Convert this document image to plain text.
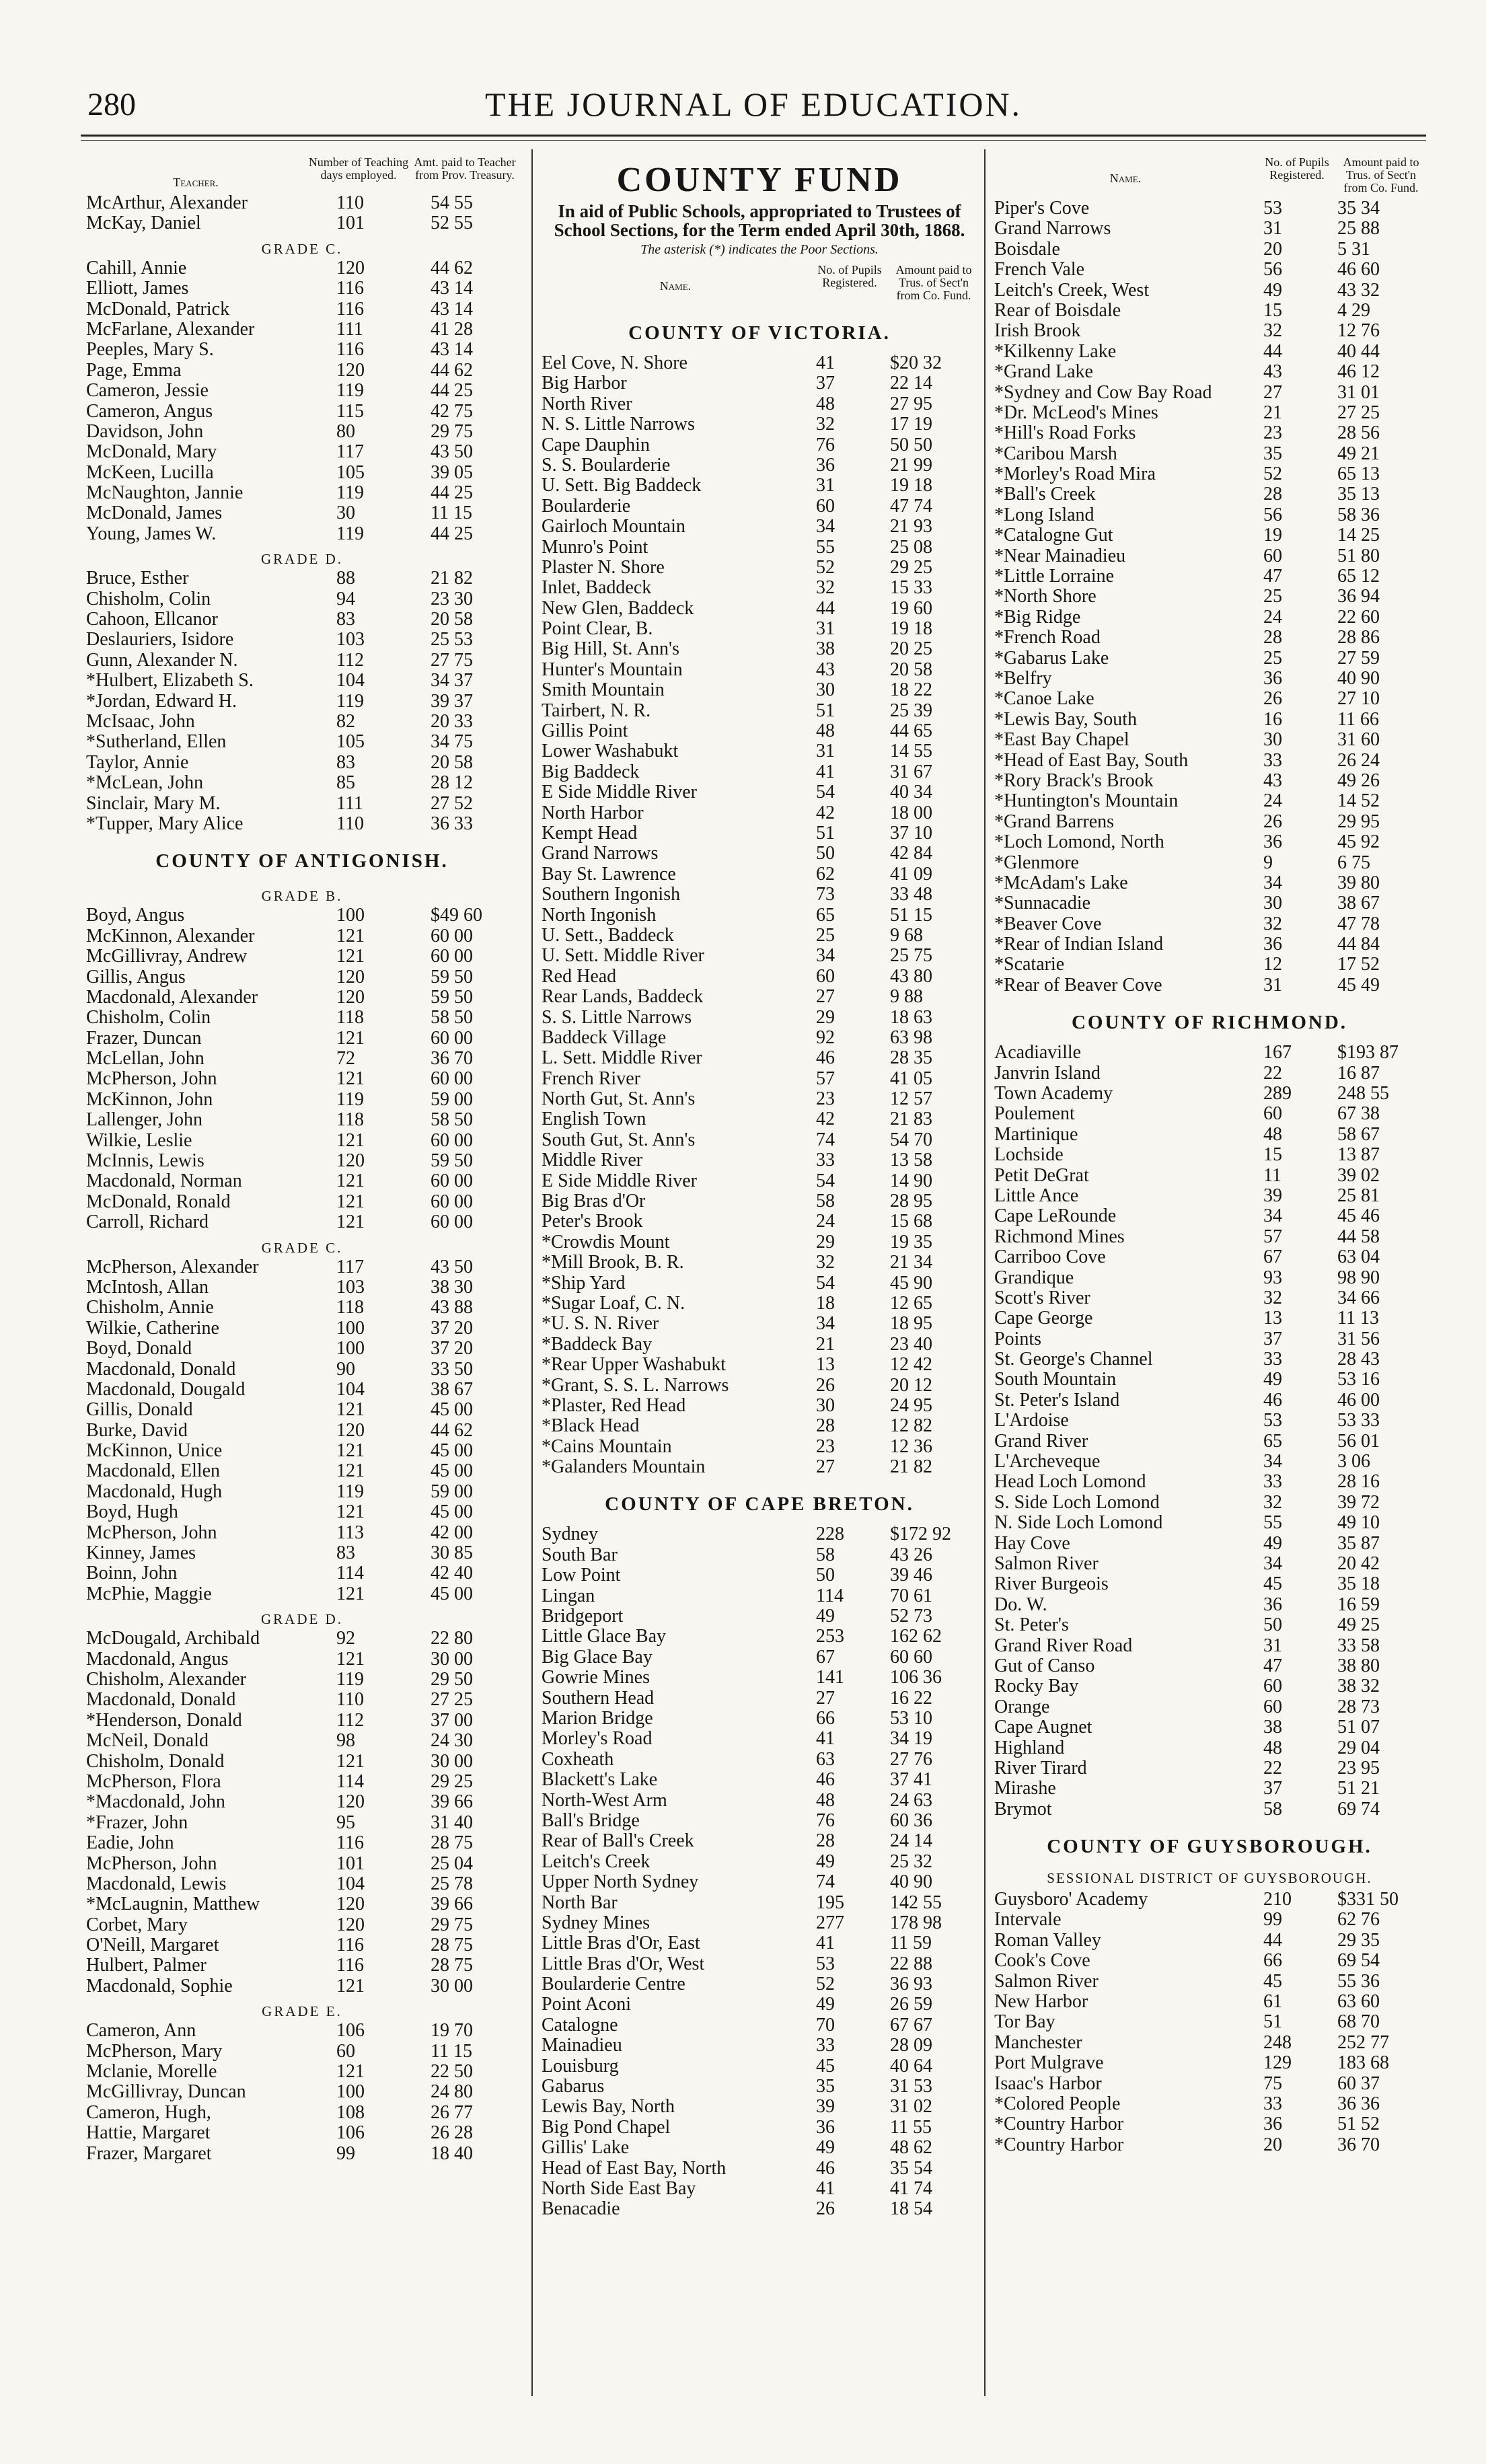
280	THE JOURNAL OF EDUCATION.
Teacher.
Number of Teaching days employed.
Amt. paid to Teacher from Prov. Treasury.
McArthur, Alexander	110	54 55
McKay, Daniel	101	52 55
GRADE C.
Cahill, Annie	120	44 62
Elliott, James	116	43 14
McDonald, Patrick	116	43 14
McFarlane, Alexander	111	41 28
Peeples, Mary S.	116	43 14
Page, Emma	120	44 62
Cameron, Jessie	119	44 25
Cameron, Angus	115	42 75
Davidson, John	80	29 75
McDonald, Mary	117	43 50
McKeen, Lucilla	105	39 05
McNaughton, Jannie	119	44 25
McDonald, James	30	11 15
Young, James W.	119	44 25
GRADE D.
Bruce, Esther	88	21 82
Chisholm, Colin	94	23 30
Cahoon, Ellcanor	83	20 58
Deslauriers, Isidore	103	25 53
Gunn, Alexander N.	112	27 75
*Hulbert, Elizabeth S.	104	34 37
*Jordan, Edward H.	119	39 37
McIsaac, John	82	20 33
*Sutherland, Ellen	105	34 75
Taylor, Annie	83	20 58
*McLean, John	85	28 12
Sinclair, Mary M.	111	27 52
*Tupper, Mary Alice	110	36 33
COUNTY OF ANTIGONISH.
GRADE B.
Boyd, Angus	100	$49 60
McKinnon, Alexander	121	60 00
McGillivray, Andrew	121	60 00
Gillis, Angus	120	59 50
Macdonald, Alexander	120	59 50
Chisholm, Colin	118	58 50
Frazer, Duncan	121	60 00
McLellan, John	72	36 70
McPherson, John	121	60 00
McKinnon, John	119	59 00
Lallenger, John	118	58 50
Wilkie, Leslie	121	60 00
McInnis, Lewis	120	59 50
Macdonald, Norman	121	60 00
McDonald, Ronald	121	60 00
Carroll, Richard	121	60 00
GRADE C.
McPherson, Alexander	117	43 50
McIntosh, Allan	103	38 30
Chisholm, Annie	118	43 88
Wilkie, Catherine	100	37 20
Boyd, Donald	100	37 20
Macdonald, Donald	90	33 50
Macdonald, Dougald	104	38 67
Gillis, Donald	121	45 00
Burke, David	120	44 62
McKinnon, Unice	121	45 00
Macdonald, Ellen	121	45 00
Macdonald, Hugh	119	59 00
Boyd, Hugh	121	45 00
McPherson, John	113	42 00
Kinney, James	83	30 85
Boinn, John	114	42 40
McPhie, Maggie	121	45 00
GRADE D.
McDougald, Archibald	92	22 80
Macdonald, Angus	121	30 00
Chisholm, Alexander	119	29 50
Macdonald, Donald	110	27 25
*Henderson, Donald	112	37 00
McNeil, Donald	98	24 30
Chisholm, Donald	121	30 00
McPherson, Flora	114	29 25
*Macdonald, John	120	39 66
*Frazer, John	95	31 40
Eadie, John	116	28 75
McPherson, John	101	25 04
Macdonald, Lewis	104	25 78
*McLaugnin, Matthew	120	39 66
Corbet, Mary	120	29 75
O'Neill, Margaret	116	28 75
Hulbert, Palmer	116	28 75
Macdonald, Sophie	121	30 00
GRADE E.
Cameron, Ann	106	19 70
McPherson, Mary	60	11 15
Mclanie, Morelle	121	22 50
McGillivray, Duncan	100	24 80
Cameron, Hugh,	108	26 77
Hattie, Margaret	106	26 28
Frazer, Margaret	99	18 40
COUNTY FUND
In aid of Public Schools, appropriated to Trustees of School Sections, for the Term ended April 30th, 1868.
The asterisk (*) indicates the Poor Sections.
Name.
No. of Pupils Registered.
Amount paid to Trus. of Sect'n from Co. Fund.
COUNTY OF VICTORIA.
Eel Cove, N. Shore	41	$20 32
Big Harbor	37	22 14
North River	48	27 95
N. S. Little Narrows	32	17 19
Cape Dauphin	76	50 50
S. S. Boularderie	36	21 99
U. Sett. Big Baddeck	31	19 18
Boularderie	60	47 74
Gairloch Mountain	34	21 93
Munro's Point	55	25 08
Plaster N. Shore	52	29 25
Inlet, Baddeck	32	15 33
New Glen, Baddeck	44	19 60
Point Clear, B.	31	19 18
Big Hill, St. Ann's	38	20 25
Hunter's Mountain	43	20 58
Smith Mountain	30	18 22
Tairbert, N. R.	51	25 39
Gillis Point	48	44 65
Lower Washabukt	31	14 55
Big Baddeck	41	31 67
E Side Middle River	54	40 34
North Harbor	42	18 00
Kempt Head	51	37 10
Grand Narrows	50	42 84
Bay St. Lawrence	62	41 09
Southern Ingonish	73	33 48
North Ingonish	65	51 15
U. Sett., Baddeck	25	9 68
U. Sett. Middle River	34	25 75
Red Head	60	43 80
Rear Lands, Baddeck	27	9 88
S. S. Little Narrows	29	18 63
Baddeck Village	92	63 98
L. Sett. Middle River	46	28 35
French River	57	41 05
North Gut, St. Ann's	23	12 57
English Town	42	21 83
South Gut, St. Ann's	74	54 70
Middle River	33	13 58
E Side Middle River	54	14 90
Big Bras d'Or	58	28 95
Peter's Brook	24	15 68
*Crowdis Mount	29	19 35
*Mill Brook, B. R.	32	21 34
*Ship Yard	54	45 90
*Sugar Loaf, C. N.	18	12 65
*U. S. N. River	34	18 95
*Baddeck Bay	21	23 40
*Rear Upper Washabukt	13	12 42
*Grant, S. S. L. Narrows	26	20 12
*Plaster, Red Head	30	24 95
*Black Head	28	12 82
*Cains Mountain	23	12 36
*Galanders Mountain	27	21 82
COUNTY OF CAPE BRETON.
Sydney	228	$172 92
South Bar	58	43 26
Low Point	50	39 46
Lingan	114	70 61
Bridgeport	49	52 73
Little Glace Bay	253	162 62
Big Glace Bay	67	60 60
Gowrie Mines	141	106 36
Southern Head	27	16 22
Marion Bridge	66	53 10
Morley's Road	41	34 19
Coxheath	63	27 76
Blackett's Lake	46	37 41
North-West Arm	48	24 63
Ball's Bridge	76	60 36
Rear of Ball's Creek	28	24 14
Leitch's Creek	49	25 32
Upper North Sydney	74	40 90
North Bar	195	142 55
Sydney Mines	277	178 98
Little Bras d'Or, East	41	11 59
Little Bras d'Or, West	53	22 88
Boularderie Centre	52	36 93
Point Aconi	49	26 59
Catalogne	70	67 67
Mainadieu	33	28 09
Louisburg	45	40 64
Gabarus	35	31 53
Lewis Bay, North	39	31 02
Big Pond Chapel	36	11 55
Gillis' Lake	49	48 62
Head of East Bay, North	46	35 54
North Side East Bay	41	41 74
Benacadie	26	18 54
Name.
No. of Pupils Registered.
Amount paid to Trus. of Sect'n from Co. Fund.
Piper's Cove	53	35 34
Grand Narrows	31	25 88
Boisdale	20	5 31
French Vale	56	46 60
Leitch's Creek, West	49	43 32
Rear of Boisdale	15	4 29
Irish Brook	32	12 76
*Kilkenny Lake	44	40 44
*Grand Lake	43	46 12
*Sydney and Cow Bay Road	27	31 01
*Dr. McLeod's Mines	21	27 25
*Hill's Road Forks	23	28 56
*Caribou Marsh	35	49 21
*Morley's Road Mira	52	65 13
*Ball's Creek	28	35 13
*Long Island	56	58 36
*Catalogne Gut	19	14 25
*Near Mainadieu	60	51 80
*Little Lorraine	47	65 12
*North Shore	25	36 94
*Big Ridge	24	22 60
*French Road	28	28 86
*Gabarus Lake	25	27 59
*Belfry	36	40 90
*Canoe Lake	26	27 10
*Lewis Bay, South	16	11 66
*East Bay Chapel	30	31 60
*Head of East Bay, South	33	26 24
*Rory Brack's Brook	43	49 26
*Huntington's Mountain	24	14 52
*Grand Barrens	26	29 95
*Loch Lomond, North	36	45 92
*Glenmore	9	6 75
*McAdam's Lake	34	39 80
*Sunnacadie	30	38 67
*Beaver Cove	32	47 78
*Rear of Indian Island	36	44 84
*Scatarie	12	17 52
*Rear of Beaver Cove	31	45 49
COUNTY OF RICHMOND.
Acadiaville	167	$193 87
Janvrin Island	22	16 87
Town Academy	289	248 55
Poulement	60	67 38
Martinique	48	58 67
Lochside	15	13 87
Petit DeGrat	11	39 02
Little Ance	39	25 81
Cape LeRounde	34	45 46
Richmond Mines	57	44 58
Carriboo Cove	67	63 04
Grandique	93	98 90
Scott's River	32	34 66
Cape George	13	11 13
Points	37	31 56
St. George's Channel	33	28 43
South Mountain	49	53 16
St. Peter's Island	46	46 00
L'Ardoise	53	53 33
Grand River	65	56 01
L'Archeveque	34	3 06
Head Loch Lomond	33	28 16
S. Side Loch Lomond	32	39 72
N. Side Loch Lomond	55	49 10
Hay Cove	49	35 87
Salmon River	34	20 42
River Burgeois	45	35 18
Do. W.	36	16 59
St. Peter's	50	49 25
Grand River Road	31	33 58
Gut of Canso	47	38 80
Rocky Bay	60	38 32
Orange	60	28 73
Cape Augnet	38	51 07
Highland	48	29 04
River Tirard	22	23 95
Mirashe	37	51 21
Brymot	58	69 74
COUNTY OF GUYSBOROUGH.
SESSIONAL DISTRICT OF GUYSBOROUGH.
Guysboro' Academy	210	$331 50
Intervale	99	62 76
Roman Valley	44	29 35
Cook's Cove	66	69 54
Salmon River	45	55 36
New Harbor	61	63 60
Tor Bay	51	68 70
Manchester	248	252 77
Port Mulgrave	129	183 68
Isaac's Harbor	75	60 37
*Colored People	33	36 36
*Country Harbor	36	51 52
*Country Harbor	20	36 70
